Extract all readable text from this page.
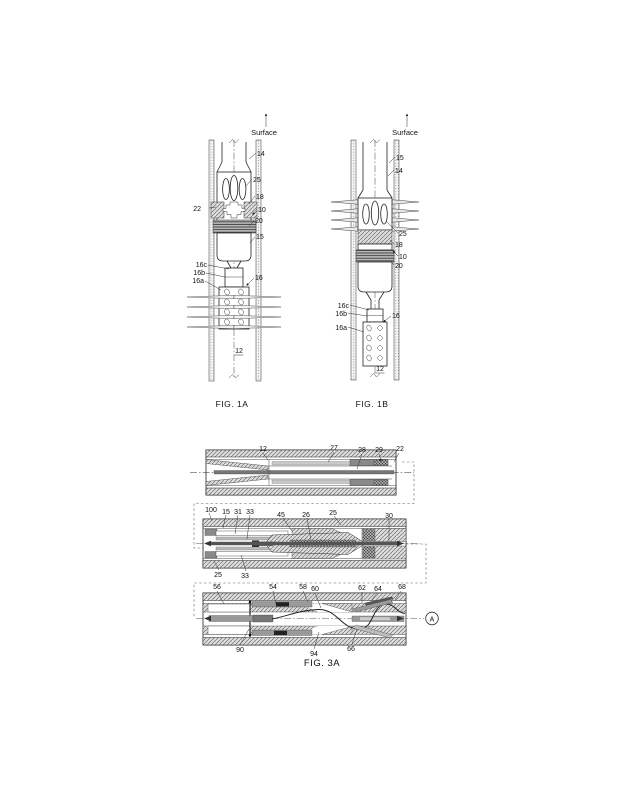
Surface
14
25
18
22	10
20
15
16c
16b
16a	16
12
FIG. 1A
Surface
15
14
25
18
10
20
16c
16b	16
16a
12
FIG. 1B
12	27	28 29 22
100 15 31 33	45 26	25	30
25	33
56	54	58 60	62 64 68
90
94
66
A
FIG. 3A
